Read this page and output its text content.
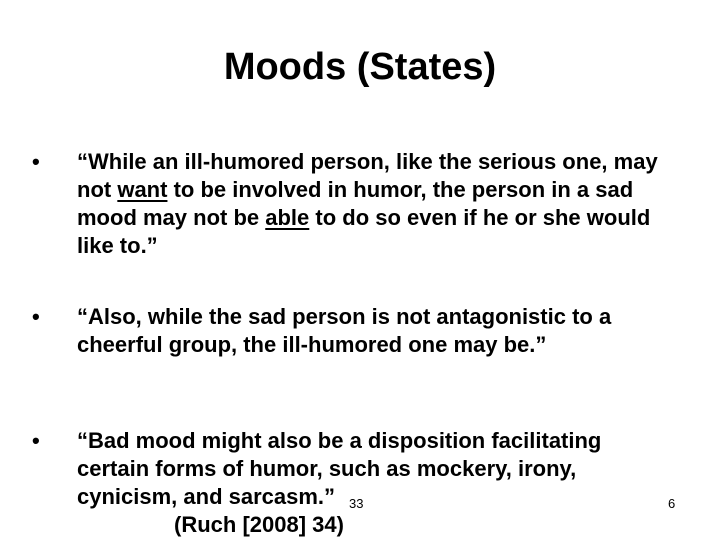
Moods (States)
•	“While an ill-humored person, like the serious one, may not want to be involved in humor, the person in a sad mood may not be able to do so even if he or she would like to.”
•	“Also, while the sad person is not antagonistic to a cheerful group, the ill-humored one may be.”
•	“Bad mood might also be a disposition facilitating certain forms of humor, such as mockery, irony, cynicism, and sarcasm.”
(Ruch [2008] 34)
33	6
